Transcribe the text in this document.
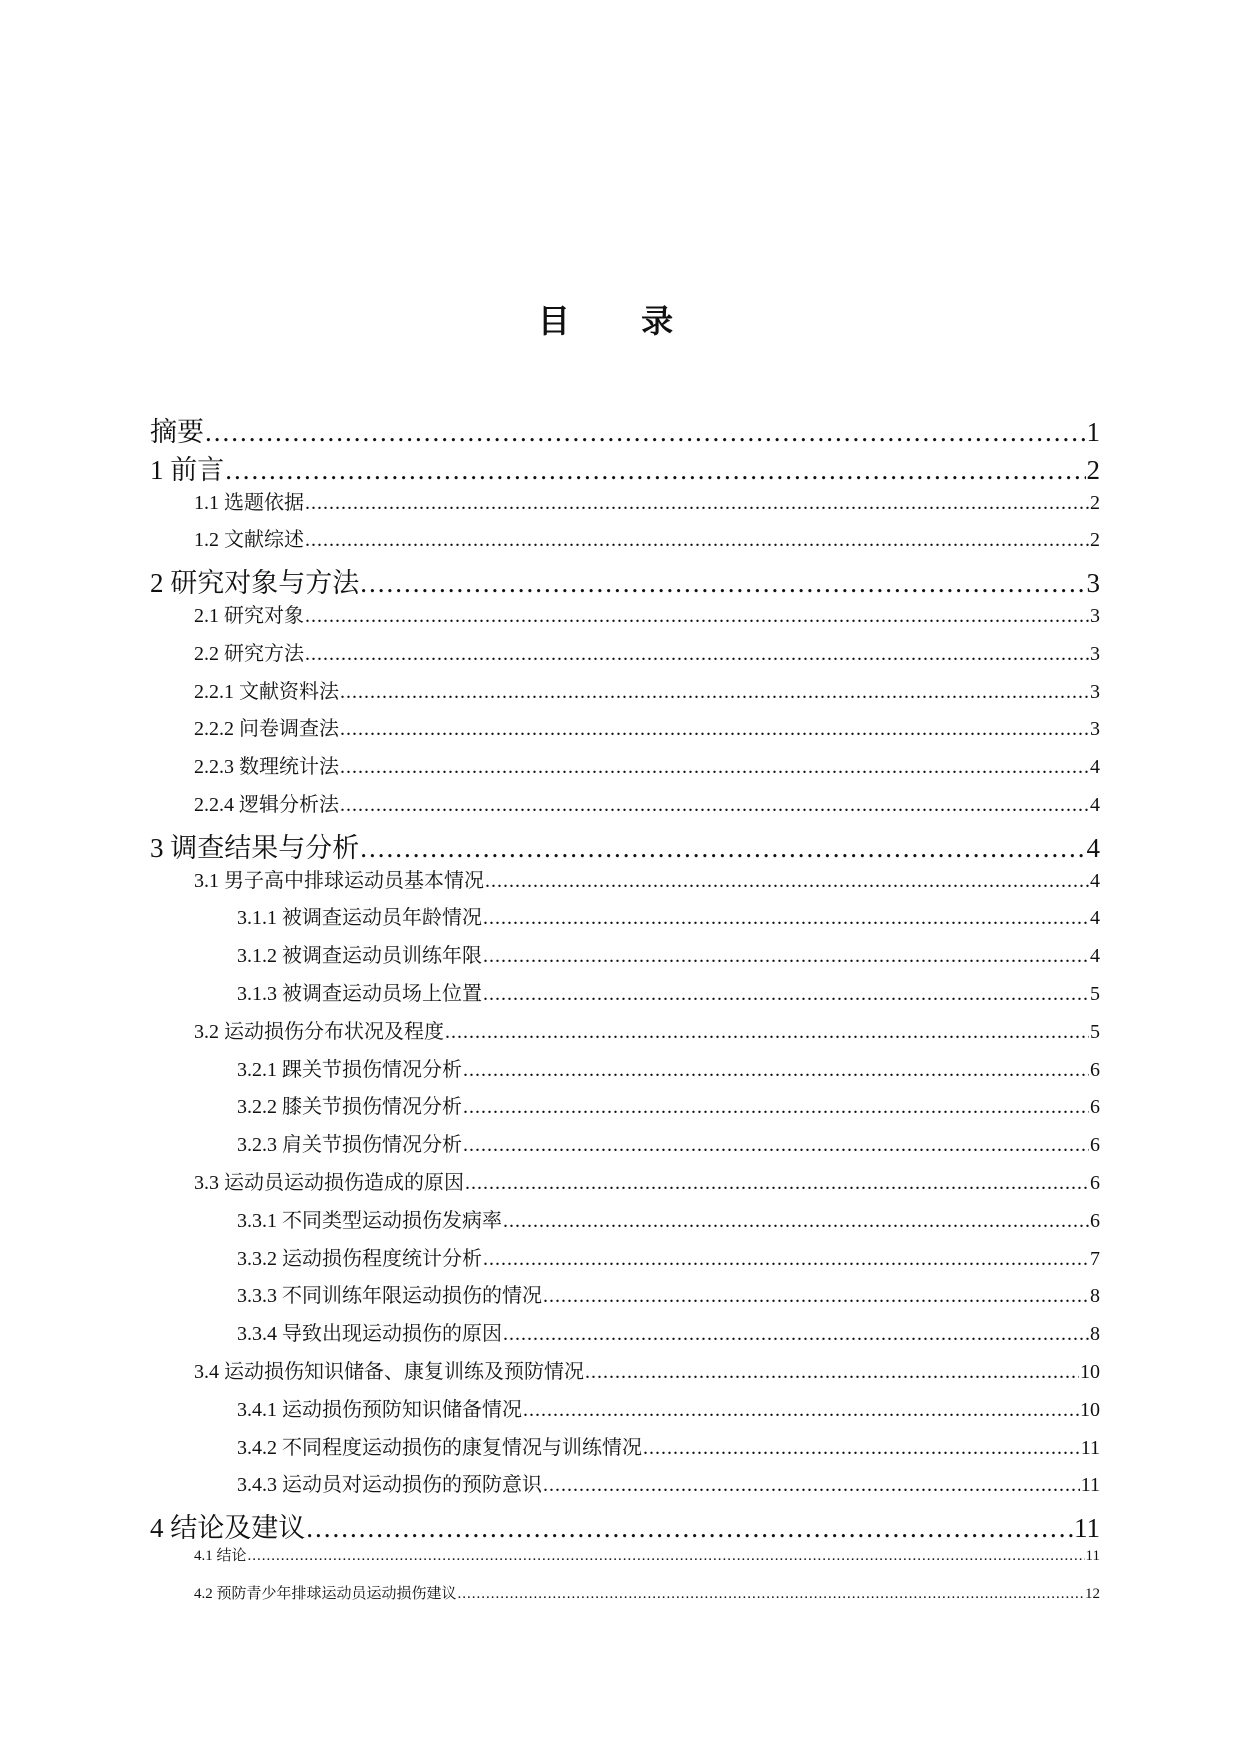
目 录
摘要 .....	1
1 前言 .....	2
1.1 选题依据 .....	2
1.2 文献综述 .....	2
2 研究对象与方法 .....	3
2.1 研究对象 .....	3
2.2 研究方法 .....	3
2.2.1 文献资料法 .....	3
2.2.2 问卷调查法 .....	3
2.2.3 数理统计法 .....	4
2.2.4 逻辑分析法 .....	4
3 调查结果与分析 .....	4
3.1 男子高中排球运动员基本情况 .....	4
3.1.1 被调查运动员年龄情况 .....	4
3.1.2 被调查运动员训练年限 .....	4
3.1.3 被调查运动员场上位置 .....	5
3.2 运动损伤分布状况及程度 .....	5
3.2.1 踝关节损伤情况分析 .....	6
3.2.2 膝关节损伤情况分析 .....	6
3.2.3 肩关节损伤情况分析 .....	6
3.3 运动员运动损伤造成的原因 .....	6
3.3.1 不同类型运动损伤发病率 .....	6
3.3.2 运动损伤程度统计分析 .....	7
3.3.3 不同训练年限运动损伤的情况 .....	8
3.3.4 导致出现运动损伤的原因 .....	8
3.4 运动损伤知识储备、康复训练及预防情况 .....	10
3.4.1 运动损伤预防知识储备情况 .....	10
3.4.2 不同程度运动损伤的康复情况与训练情况 .....	11
3.4.3 运动员对运动损伤的预防意识 .....	11
4 结论及建议 .....	11
4.1 结论 .....	11
4.2 预防青少年排球运动员运动损伤建议 .....	12
